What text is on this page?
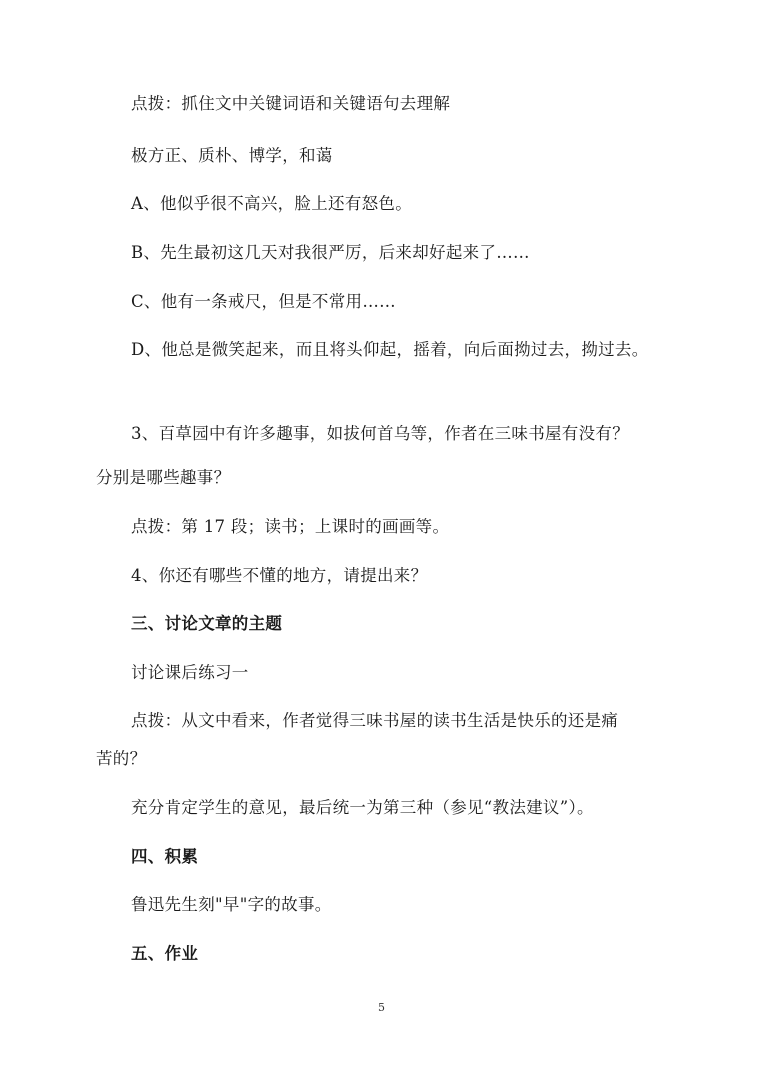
点拨：抓住文中关键词语和关键语句去理解
极方正、质朴、博学，和蔼
A、他似乎很不高兴，脸上还有怒色。
B、先生最初这几天对我很严厉，后来却好起来了……
C、他有一条戒尺，但是不常用……
D、他总是微笑起来，而且将头仰起，摇着，向后面拗过去，拗过去。
3、百草园中有许多趣事，如拔何首乌等，作者在三味书屋有没有？
分别是哪些趣事？
点拨：第 17 段；读书；上课时的画画等。
4、你还有哪些不懂的地方，请提出来？
三、讨论文章的主题
讨论课后练习一
点拨：从文中看来，作者觉得三味书屋的读书生活是快乐的还是痛
苦的？
充分肯定学生的意见，最后统一为第三种（参见“教法建议”）。
四、积累
鲁迅先生刻"早"字的故事。
五、作业
5
